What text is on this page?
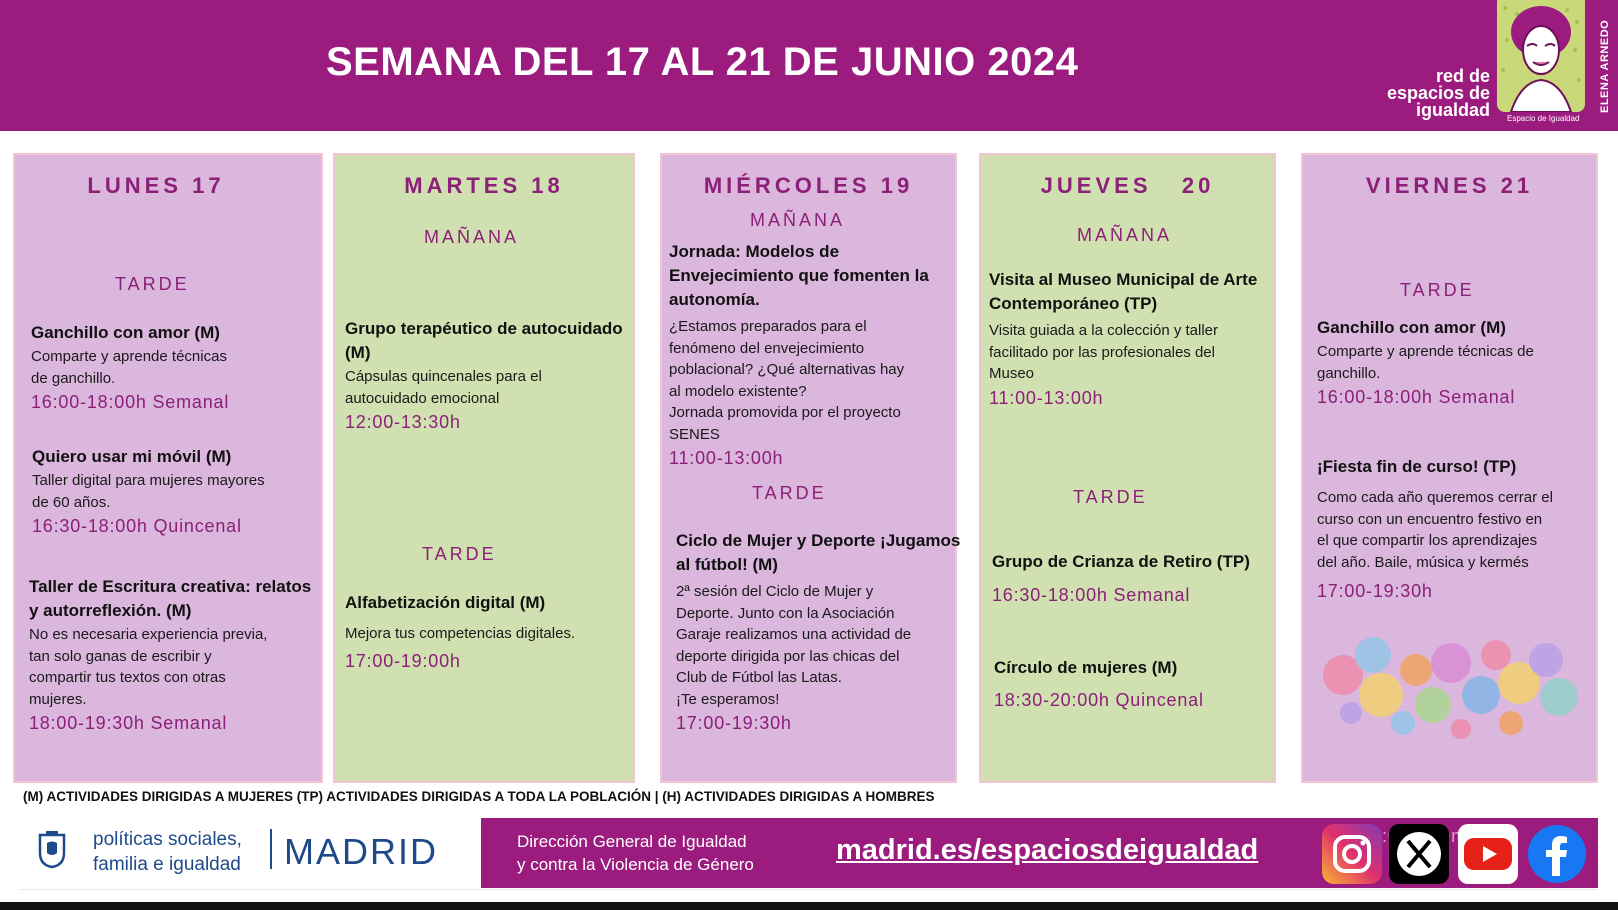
SEMANA DEL 17 AL 21 DE JUNIO 2024	red de
espacios de
igualdad Espacio de Igualdad
ELENA ARNEDO
LUNES 17
TARDE
Ganchillo con amor (M)
Comparte y aprende técnicas
de ganchillo.
16:00-18:00h Semanal
Quiero usar mi móvil (M)
Taller digital para mujeres mayores
de 60 años.
16:30-18:00h Quincenal
Taller de Escritura creativa: relatos y autorreflexión. (M)
No es necesaria experiencia previa,
tan solo ganas de escribir y
compartir tus textos con otras
mujeres.
18:00-19:30h Semanal
MARTES 18
MAÑANA
Grupo terapéutico de autocuidado (M)
Cápsulas quincenales para el
autocuidado emocional
12:00-13:30h
TARDE
Alfabetización digital (M)
Mejora tus competencias digitales.
17:00-19:00h
MIÉRCOLES 19
MAÑANA
Jornada: Modelos de Envejecimiento que fomenten la autonomía.
¿Estamos preparados para el
fenómeno del envejecimiento
poblacional? ¿Qué alternativas hay
al modelo existente?
Jornada promovida por el proyecto
SENES
11:00-13:00h
TARDE
Ciclo de Mujer y Deporte ¡Jugamos al fútbol! (M)
2ª sesión del Ciclo de Mujer y
Deporte. Junto con la Asociación
Garaje realizamos una actividad de
deporte dirigida por las chicas del
Club de Fútbol las Latas.
¡Te esperamos!
17:00-19:30h
JUEVES   20
MAÑANA
Visita al Museo Municipal de Arte Contemporáneo (TP)
Visita guiada a la colección y taller
facilitado por las profesionales del
Museo
11:00-13:00h
TARDE
Grupo de Crianza de Retiro (TP)
16:30-18:00h Semanal
Círculo de mujeres (M)
18:30-20:00h Quincenal
VIERNES 21
TARDE
Ganchillo con amor (M)
Comparte y aprende técnicas de
ganchillo.
16:00-18:00h Semanal
¡Fiesta fin de curso! (TP)
Como cada año queremos cerrar el
curso con un encuentro festivo en
el que compartir los aprendizajes
del año. Baile, música y kermés
17:00-19:30h
(M) ACTIVIDADES DIRIGIDAS A MUJERES (TP) ACTIVIDADES DIRIGIDAS A TODA LA POBLACIÓN | (H) ACTIVIDADES DIRIGIDAS A HOMBRES
políticas sociales,
familia e igualdad MADRID	Dirección General de Igualdad
y contra la Violencia de Género	madrid.es/espaciosdeigualdad
